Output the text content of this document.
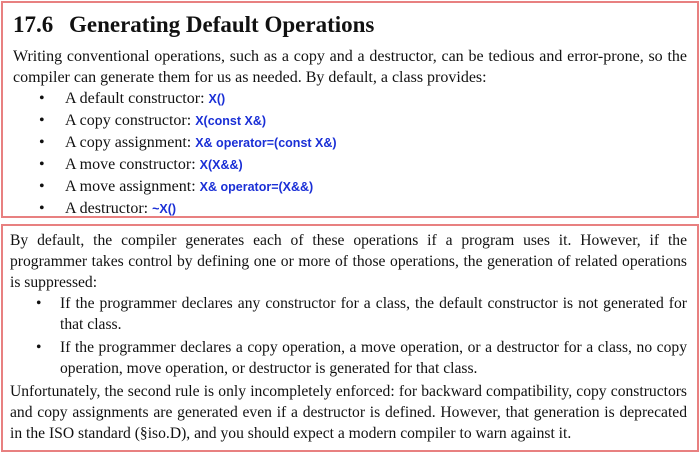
17.6 Generating Default Operations

Writing conventional operations, such as a copy and a destructor, can be tedious and error-prone, so the compiler can generate them for us as needed. By default, a class provides:

• A default constructor: X()
• A copy constructor: X(const X&)
• A copy assignment: X& operator=(const X&)
• A move constructor: X(X&&)
• A move assignment: X& operator=(X&&)
• A destructor: ~X()

By default, the compiler generates each of these operations if a program uses it. However, if the programmer takes control by defining one or more of those operations, the generation of related operations is suppressed:

• If the programmer declares any constructor for a class, the default constructor is not generated for that class.
• If the programmer declares a copy operation, a move operation, or a destructor for a class, no copy operation, move operation, or destructor is generated for that class.

Unfortunately, the second rule is only incompletely enforced: for backward compatibility, copy constructors and copy assignments are generated even if a destructor is defined. However, that generation is deprecated in the ISO standard (§iso.D), and you should expect a modern compiler to warn against it.
